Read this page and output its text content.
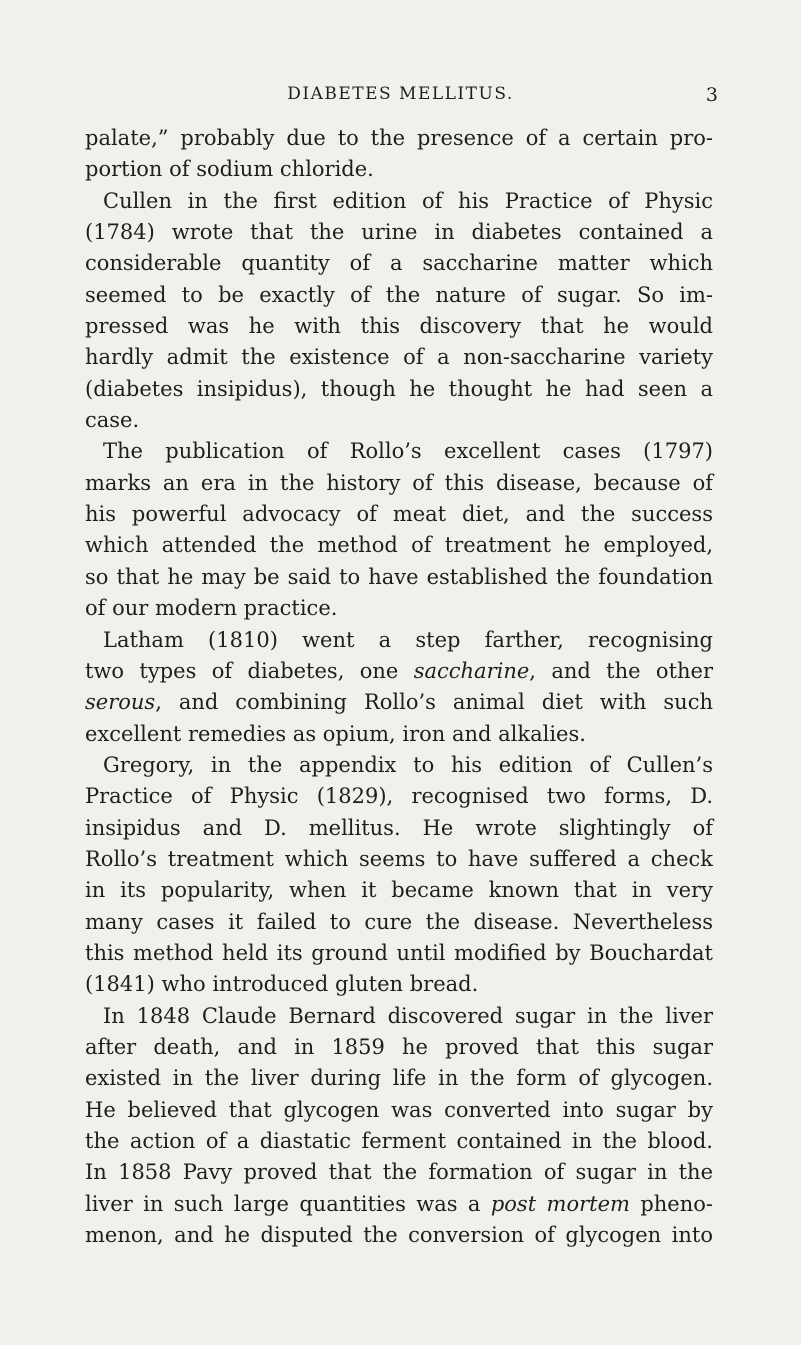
DIABETES MELLITUS.	3
palate,” probably due to the presence of a certain pro-
portion of sodium chloride.
Cullen in the first edition of his Practice of Physic
(1784) wrote that the urine in diabetes contained a
considerable quantity of a saccharine matter which
seemed to be exactly of the nature of sugar. So im-
pressed was he with this discovery that he would
hardly admit the existence of a non-saccharine variety
(diabetes insipidus), though he thought he had seen a
case.
The publication of Rollo’s excellent cases (1797)
marks an era in the history of this disease, because of
his powerful advocacy of meat diet, and the success
which attended the method of treatment he employed,
so that he may be said to have established the foundation
of our modern practice.
Latham (1810) went a step farther, recognising
two types of diabetes, one saccharine, and the other
serous, and combining Rollo’s animal diet with such
excellent remedies as opium, iron and alkalies.
Gregory, in the appendix to his edition of Cullen’s
Practice of Physic (1829), recognised two forms, D.
insipidus and D. mellitus. He wrote slightingly of
Rollo’s treatment which seems to have suffered a check
in its popularity, when it became known that in very
many cases it failed to cure the disease. Nevertheless
this method held its ground until modified by Bouchardat
(1841) who introduced gluten bread.
In 1848 Claude Bernard discovered sugar in the liver
after death, and in 1859 he proved that this sugar
existed in the liver during life in the form of glycogen.
He believed that glycogen was converted into sugar by
the action of a diastatic ferment contained in the blood.
In 1858 Pavy proved that the formation of sugar in the
liver in such large quantities was a post mortem pheno-
menon, and he disputed the conversion of glycogen into
